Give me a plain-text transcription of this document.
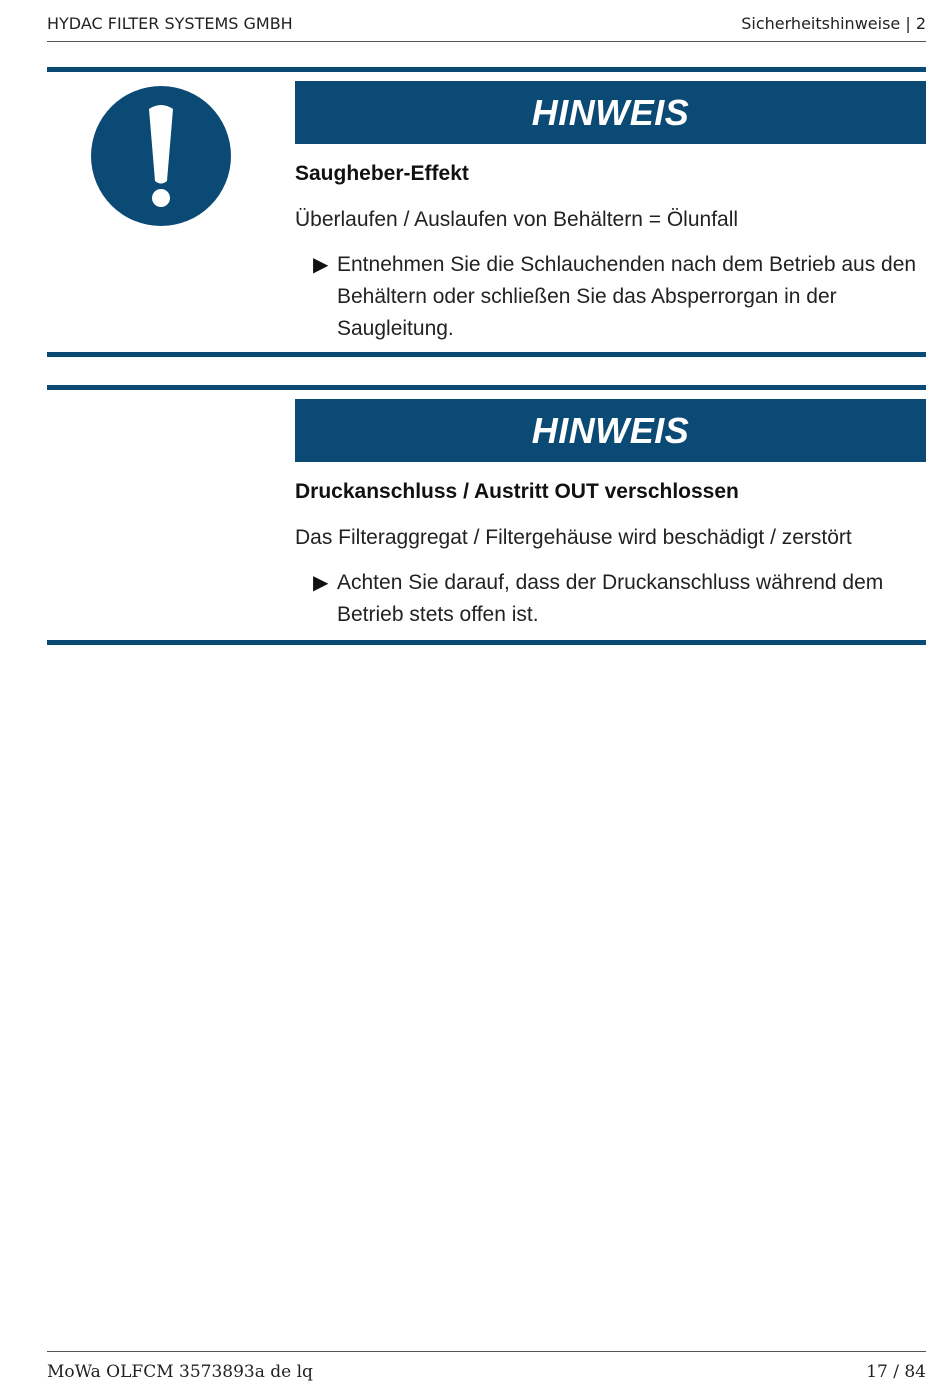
HYDAC FILTER SYSTEMS GMBH	Sicherheitshinweise | 2
HINWEIS
Saugheber-Effekt
Überlaufen / Auslaufen von Behältern = Ölunfall
▶ Entnehmen Sie die Schlauchenden nach dem Betrieb aus den Behältern oder schließen Sie das Absperrorgan in der Saugleitung.
HINWEIS
Druckanschluss / Austritt OUT verschlossen
Das Filteraggregat / Filtergehäuse wird beschädigt / zerstört
▶ Achten Sie darauf, dass der Druckanschluss während dem Betrieb stets offen ist.
MoWa OLFCM 3573893a de lq	17 / 84
